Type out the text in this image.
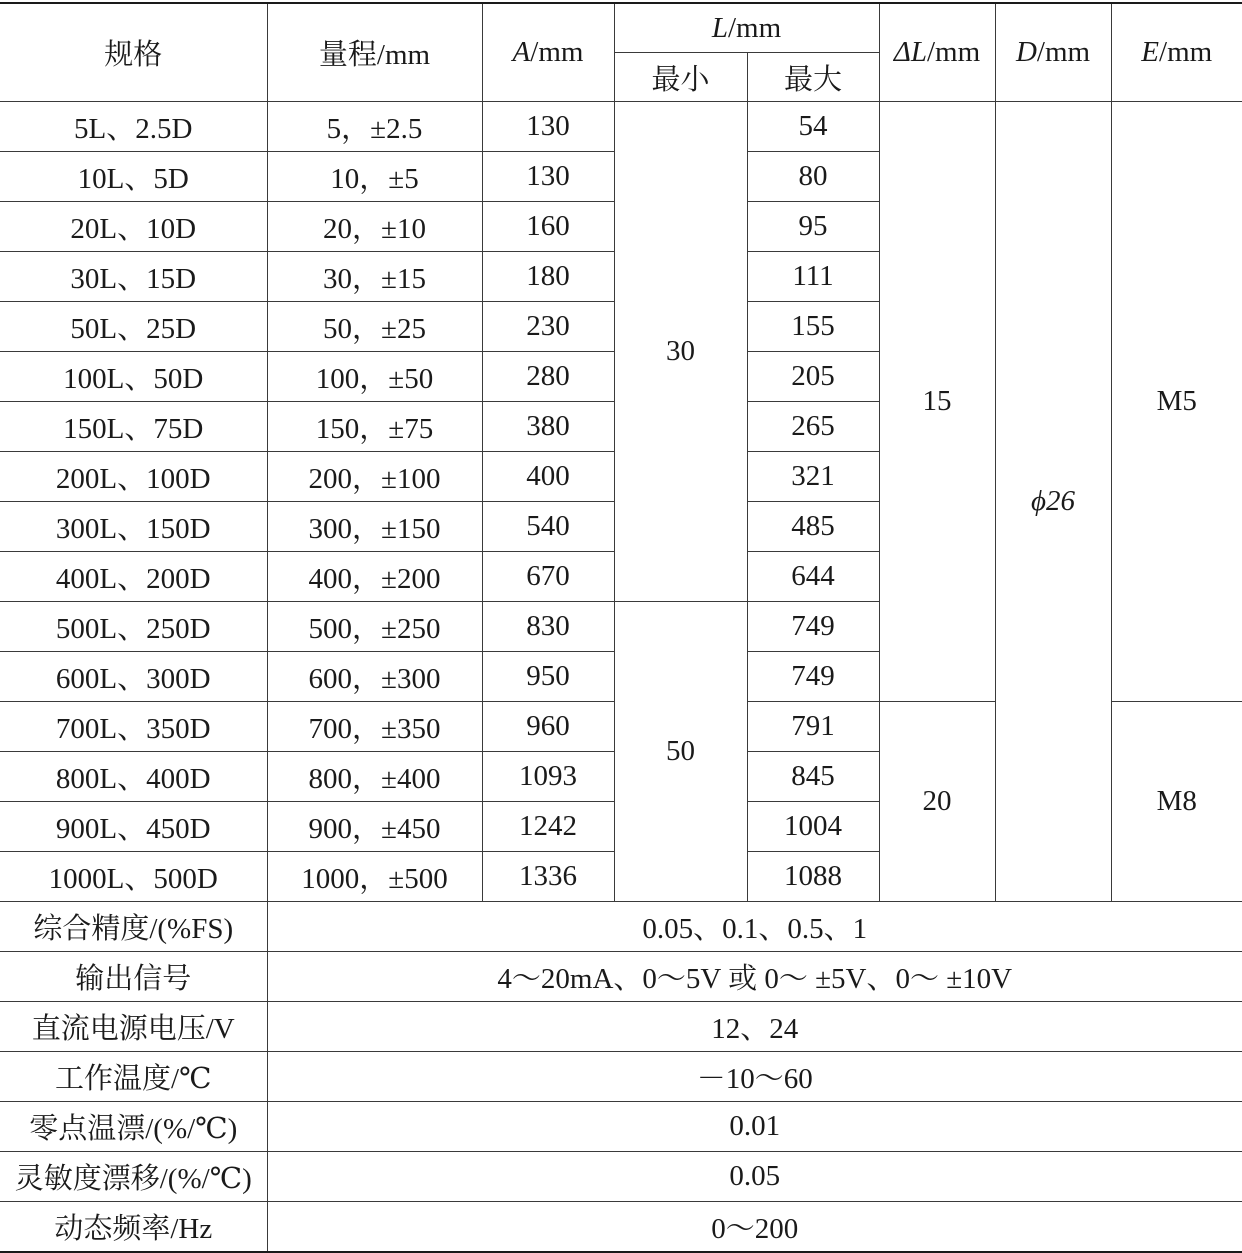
规格	量程/mm	A/mm	L/mm		ΔL/mm	D/mm	E/mm
			最小	最大			
5L、2.5D	5，±2.5	130	30	54	15	ϕ26	M5
10L、5D	10，±5	130		80			
20L、10D	20，±10	160		95			
30L、15D	30，±15	180		111			
50L、25D	50，±25	230		155			
100L、50D	100，±50	280		205			
150L、75D	150，±75	380		265			
200L、100D	200，±100	400		321			
300L、150D	300，±150	540		485			
400L、200D	400，±200	670		644			
500L、250D	500，±250	830	50	749			
600L、300D	600，±300	950		749			
700L、350D	700，±350	960		791	20		M8
800L、400D	800，±400	1093		845			
900L、450D	900，±450	1242		1004			
1000L、500D	1000，±500	1336		1088			
综合精度/(%FS)	0.05、0.1、0.5、1						
输出信号	4～20mA、0～5V 或 0～ ±5V、0～ ±10V						
直流电源电压/V	12、24						
工作温度/℃	－10～60						
零点温漂/(%/℃)	0.01						
灵敏度漂移/(%/℃)	0.05						
动态频率/Hz	0～200						
